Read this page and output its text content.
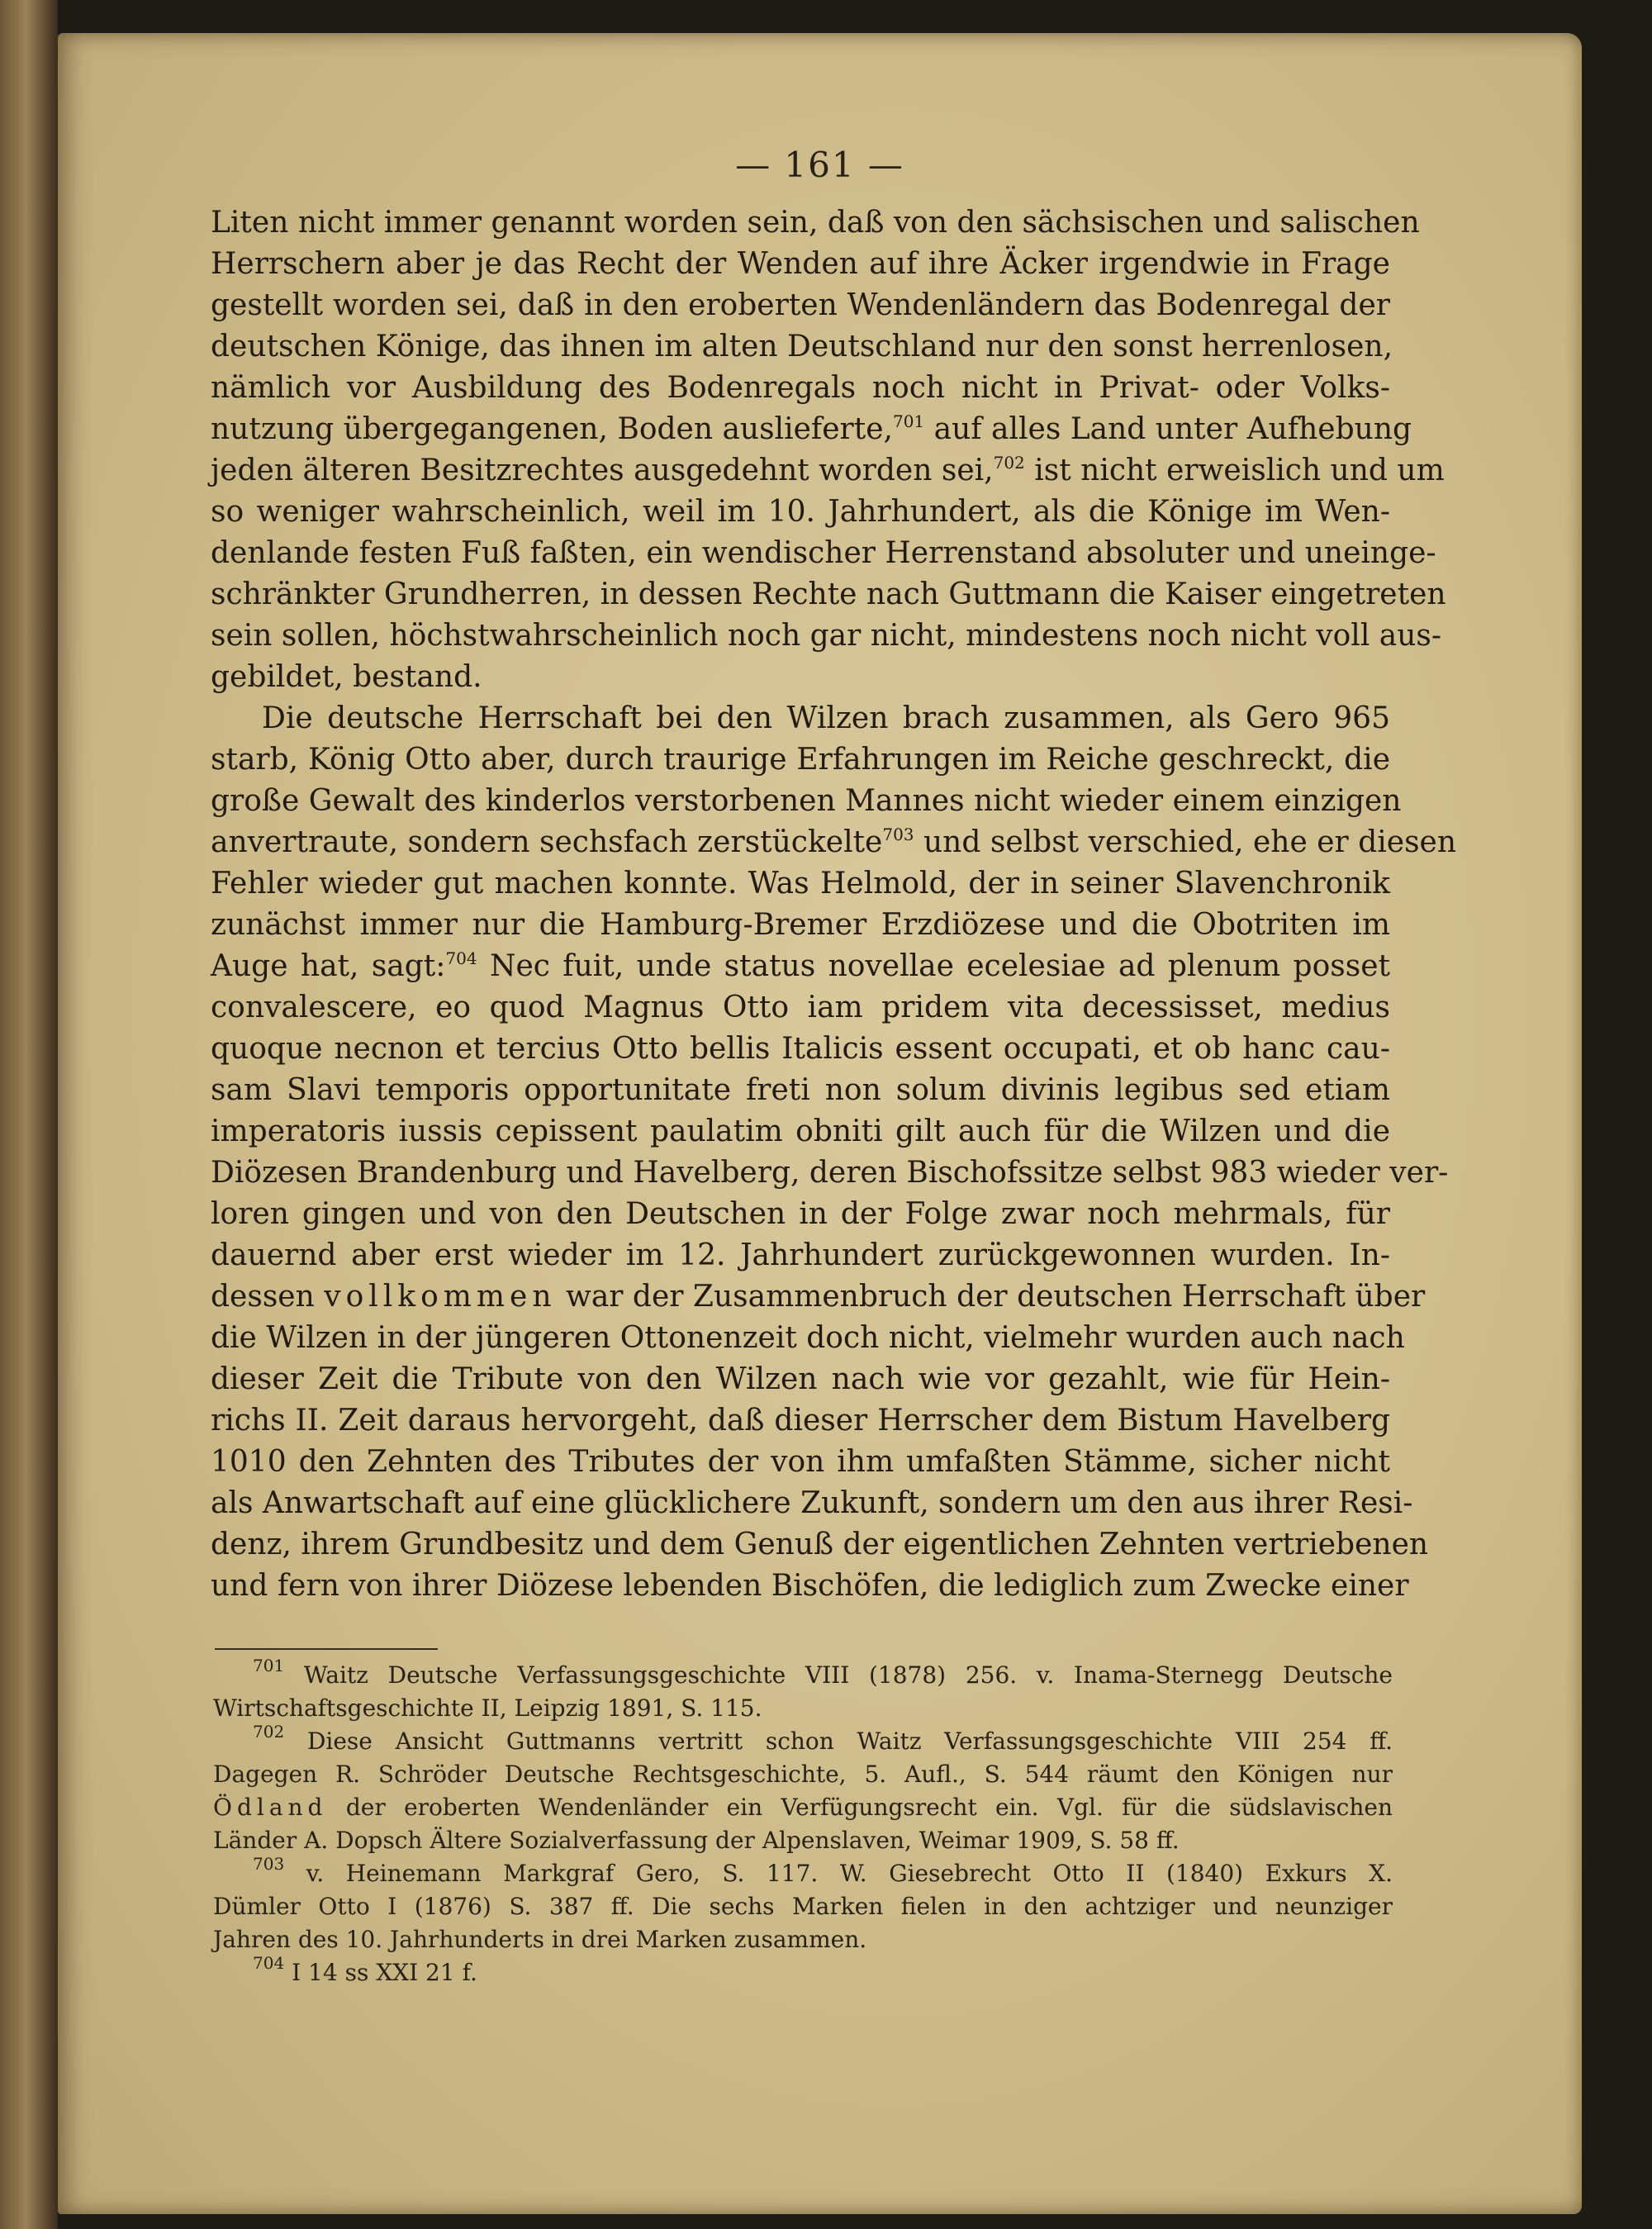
— 161 —
Liten nicht immer genannt worden sein, daß von den sächsischen und salischen
Herrschern aber je das Recht der Wenden auf ihre Äcker irgendwie in Frage
gestellt worden sei, daß in den eroberten Wendenländern das Bodenregal der
deutschen Könige, das ihnen im alten Deutschland nur den sonst herrenlosen,
nämlich vor Ausbildung des Bodenregals noch nicht in Privat- oder Volks-
nutzung übergegangenen, Boden auslieferte,$^{701}$ auf alles Land unter Aufhebung
jeden älteren Besitzrechtes ausgedehnt worden sei,$^{702}$ ist nicht erweislich und um
so weniger wahrscheinlich, weil im 10. Jahrhundert, als die Könige im Wen-
denlande festen Fuß faßten, ein wendischer Herrenstand absoluter und uneinge-
schränkter Grundherren, in dessen Rechte nach Guttmann die Kaiser eingetreten
sein sollen, höchstwahrscheinlich noch gar nicht, mindestens noch nicht voll aus-
gebildet, bestand.
Die deutsche Herrschaft bei den Wilzen brach zusammen, als Gero 965
starb, König Otto aber, durch traurige Erfahrungen im Reiche geschreckt, die
große Gewalt des kinderlos verstorbenen Mannes nicht wieder einem einzigen
anvertraute, sondern sechsfach zerstückelte$^{703}$ und selbst verschied, ehe er diesen
Fehler wieder gut machen konnte. Was Helmold, der in seiner Slavenchronik
zunächst immer nur die Hamburg-Bremer Erzdiözese und die Obotriten im
Auge hat, sagt:$^{704}$ Nec fuit, unde status novellae ecelesiae ad plenum posset
convalescere, eo quod Magnus Otto iam pridem vita decessisset, medius
quoque necnon et tercius Otto bellis Italicis essent occupati, et ob hanc cau-
sam Slavi temporis opportunitate freti non solum divinis legibus sed etiam
imperatoris iussis cepissent paulatim obniti gilt auch für die Wilzen und die
Diözesen Brandenburg und Havelberg, deren Bischofssitze selbst 983 wieder ver-
loren gingen und von den Deutschen in der Folge zwar noch mehrmals, für
dauernd aber erst wieder im 12. Jahrhundert zurückgewonnen wurden. In-
dessen vollkommen war der Zusammenbruch der deutschen Herrschaft über
die Wilzen in der jüngeren Ottonenzeit doch nicht, vielmehr wurden auch nach
dieser Zeit die Tribute von den Wilzen nach wie vor gezahlt, wie für Hein-
richs II. Zeit daraus hervorgeht, daß dieser Herrscher dem Bistum Havelberg
1010 den Zehnten des Tributes der von ihm umfaßten Stämme, sicher nicht
als Anwartschaft auf eine glücklichere Zukunft, sondern um den aus ihrer Resi-
denz, ihrem Grundbesitz und dem Genuß der eigentlichen Zehnten vertriebenen
und fern von ihrer Diözese lebenden Bischöfen, die lediglich zum Zwecke einer
$^{701}$ Waitz Deutsche Verfassungsgeschichte VIII (1878) 256. v. Inama-Sternegg Deutsche
Wirtschaftsgeschichte II, Leipzig 1891, S. 115.
$^{702}$ Diese Ansicht Guttmanns vertritt schon Waitz Verfassungsgeschichte VIII 254 ff.
Dagegen R. Schröder Deutsche Rechtsgeschichte, 5. Aufl., S. 544 räumt den Königen nur
Ödland der eroberten Wendenländer ein Verfügungsrecht ein. Vgl. für die südslavischen
Länder A. Dopsch Ältere Sozialverfassung der Alpenslaven, Weimar 1909, S. 58 ff.
$^{703}$ v. Heinemann Markgraf Gero, S. 117. W. Giesebrecht Otto II (1840) Exkurs X.
Dümler Otto I (1876) S. 387 ff. Die sechs Marken fielen in den achtziger und neunziger
Jahren des 10. Jahrhunderts in drei Marken zusammen.
$^{704}$ I 14 ss XXI 21 f.
